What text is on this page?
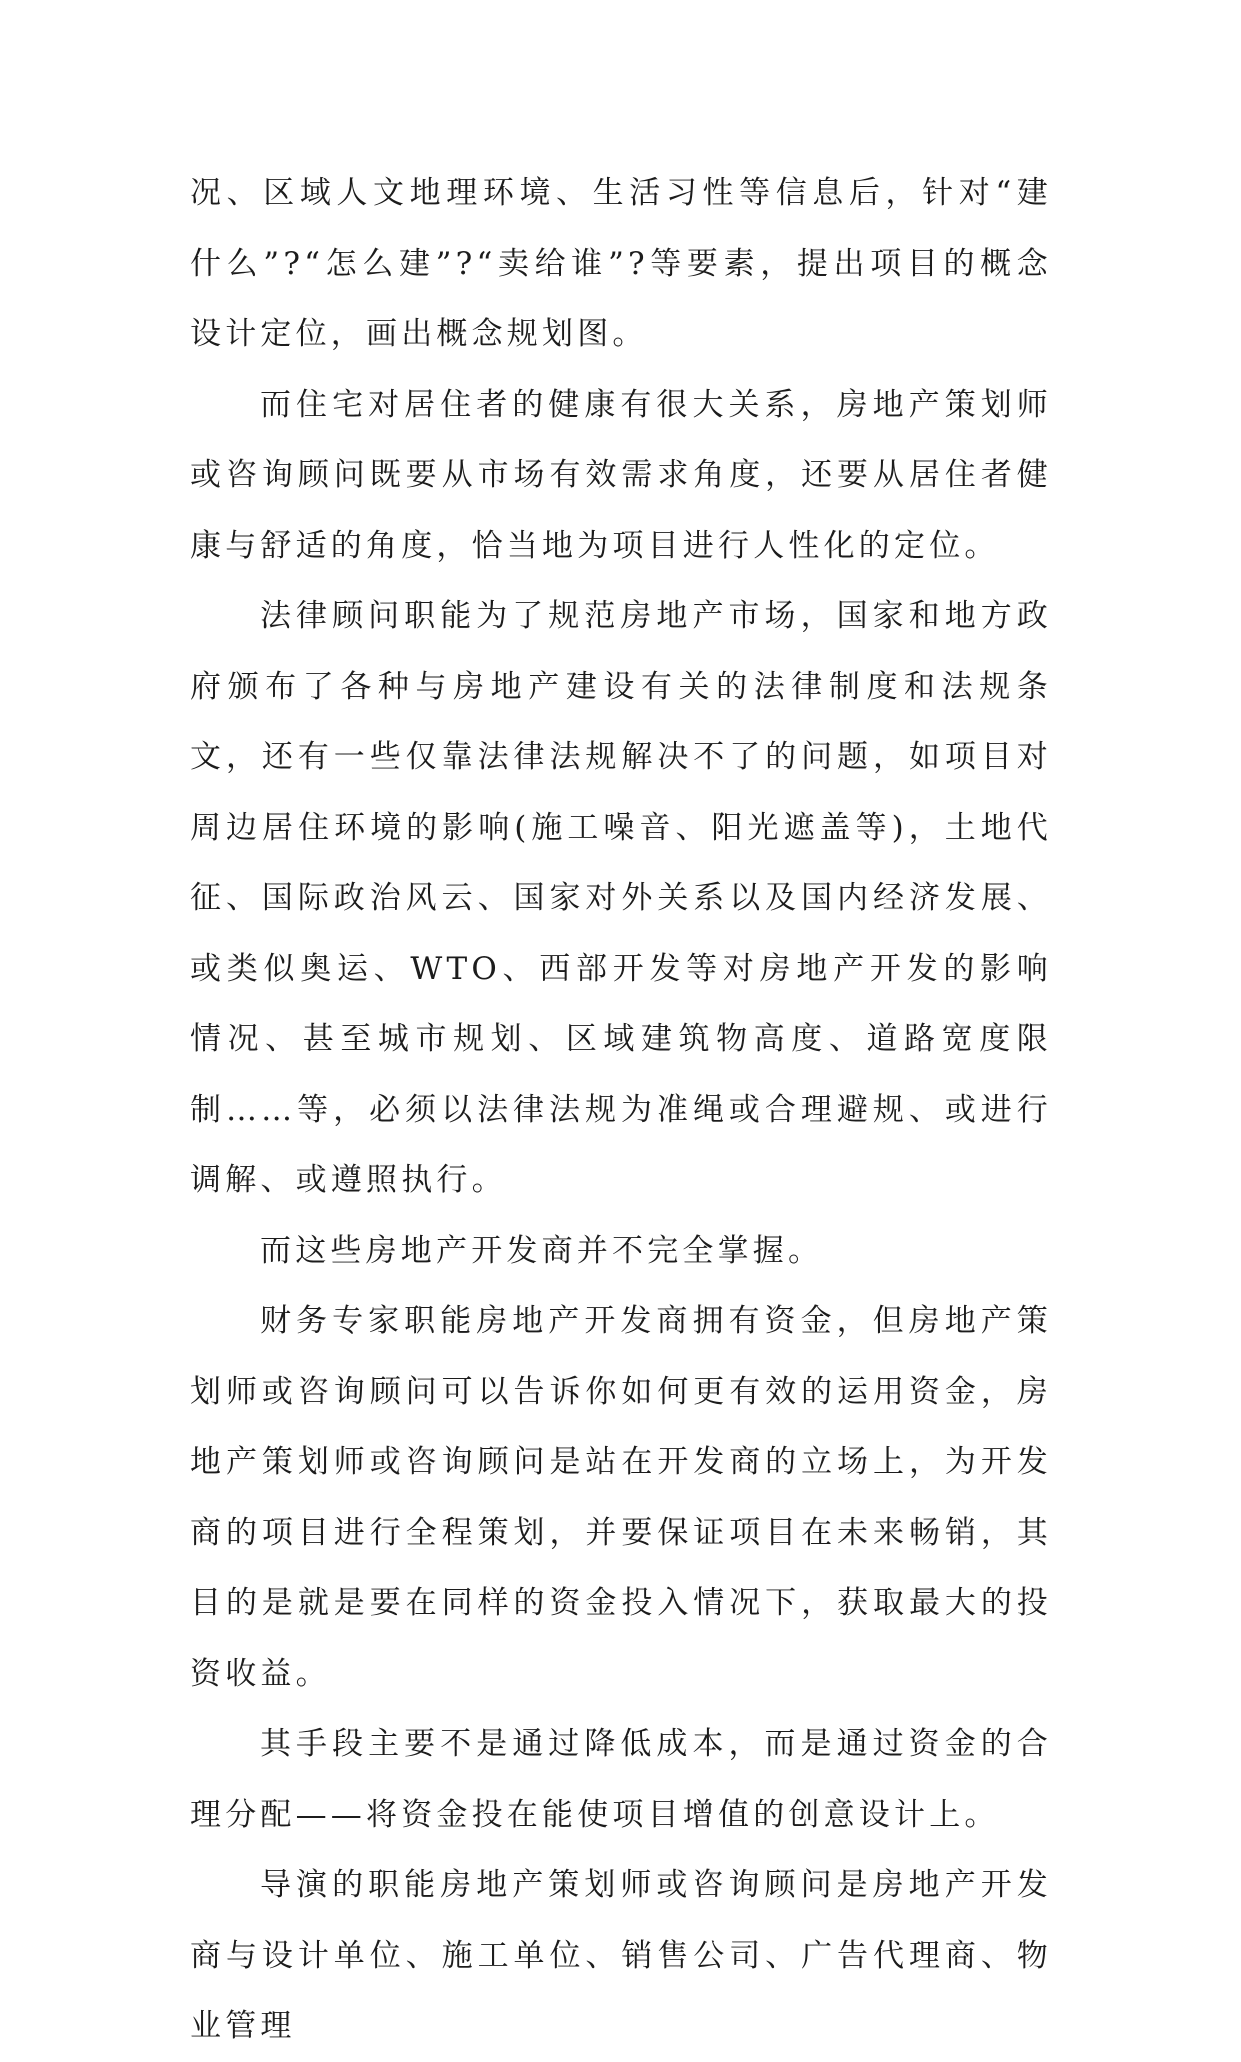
况、区域人文地理环境、生活习性等信息后，针对“建什么”?“怎么建”?“卖给谁”?等要素，提出项目的概念设计定位，画出概念规划图。

而住宅对居住者的健康有很大关系，房地产策划师或咨询顾问既要从市场有效需求角度，还要从居住者健康与舒适的角度，恰当地为项目进行人性化的定位。

法律顾问职能为了规范房地产市场，国家和地方政府颁布了各种与房地产建设有关的法律制度和法规条文，还有一些仅靠法律法规解决不了的问题，如项目对周边居住环境的影响(施工噪音、阳光遮盖等)，土地代征、国际政治风云、国家对外关系以及国内经济发展、或类似奥运、WTO、西部开发等对房地产开发的影响情况、甚至城市规划、区域建筑物高度、道路宽度限制……等，必须以法律法规为准绳或合理避规、或进行调解、或遵照执行。

而这些房地产开发商并不完全掌握。

财务专家职能房地产开发商拥有资金，但房地产策划师或咨询顾问可以告诉你如何更有效的运用资金，房地产策划师或咨询顾问是站在开发商的立场上，为开发商的项目进行全程策划，并要保证项目在未来畅销，其目的是就是要在同样的资金投入情况下，获取最大的投资收益。

其手段主要不是通过降低成本，而是通过资金的合理分配——将资金投在能使项目增值的创意设计上。

导演的职能房地产策划师或咨询顾问是房地产开发商与设计单位、施工单位、销售公司、广告代理商、物业管理
